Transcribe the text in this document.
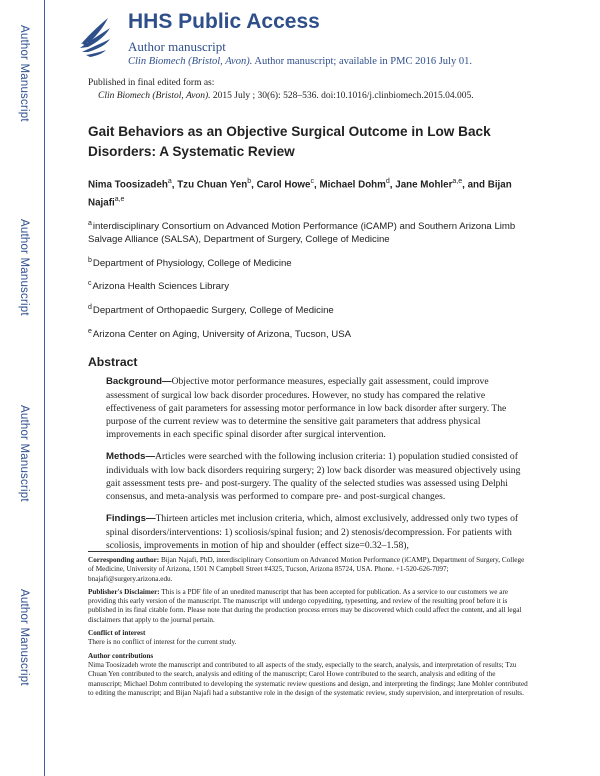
Author Manuscript
Author Manuscript
Author Manuscript
Author Manuscript
HHS Public Access
Author manuscript
Clin Biomech (Bristol, Avon). Author manuscript; available in PMC 2016 July 01.
Published in final edited form as:
Clin Biomech (Bristol, Avon). 2015 July ; 30(6): 528–536. doi:10.1016/j.clinbiomech.2015.04.005.
Gait Behaviors as an Objective Surgical Outcome in Low Back Disorders: A Systematic Review
Nima Toosizadeh$^a$, Tzu Chuan Yen$^b$, Carol Howe$^c$, Michael Dohm$^d$, Jane Mohler$^{a,e}$, and Bijan Najafi$^{a,e}$
$^a$interdisciplinary Consortium on Advanced Motion Performance (iCAMP) and Southern Arizona Limb Salvage Alliance (SALSA), Department of Surgery, College of Medicine
$^b$Department of Physiology, College of Medicine
$^c$Arizona Health Sciences Library
$^d$Department of Orthopaedic Surgery, College of Medicine
$^e$Arizona Center on Aging, University of Arizona, Tucson, USA
Abstract

Background—Objective motor performance measures, especially gait assessment, could improve assessment of surgical low back disorder procedures. However, no study has compared the relative effectiveness of gait parameters for assessing motor performance in low back disorder after surgery. The purpose of the current review was to determine the sensitive gait parameters that address physical improvements in each specific spinal disorder after surgical intervention.

Methods—Articles were searched with the following inclusion criteria: 1) population studied consisted of individuals with low back disorders requiring surgery; 2) low back disorder was measured objectively using gait assessment tests pre- and post-surgery. The quality of the selected studies was assessed using Delphi consensus, and meta-analysis was performed to compare pre- and post-surgical changes.

Findings—Thirteen articles met inclusion criteria, which, almost exclusively, addressed only two types of spinal disorders/interventions: 1) scoliosis/spinal fusion; and 2) stenosis/decompression. For patients with scoliosis, improvements in motion of hip and shoulder (effect size=0.32–1.58),

Corresponding author: Bijan Najafi, PhD, interdisciplinary Consortium on Advanced Motion Performance (iCAMP), Department of Surgery, College of Medicine, University of Arizona, 1501 N Campbell Street #4325, Tucson, Arizona 85724, USA. Phone. +1-520-626-7097; bnajafi@surgery.arizona.edu.

Publisher's Disclaimer: This is a PDF file of an unedited manuscript that has been accepted for publication. As a service to our customers we are providing this early version of the manuscript. The manuscript will undergo copyediting, typesetting, and review of the resulting proof before it is published in its final citable form. Please note that during the production process errors may be discovered which could affect the content, and all legal disclaimers that apply to the journal pertain.

Conflict of interest

There is no conflict of interest for the current study.

Author contributions

Nima Toosizadeh wrote the manuscript and contributed to all aspects of the study, especially to the search, analysis, and interpretation of results; Tzu Chuan Yen contributed to the search, analysis and editing of the manuscript; Carol Howe contributed to the search, analysis and editing of the manuscript; Michael Dohm contributed to developing the systematic review questions and design, and interpreting the findings; Jane Mohler contributed to editing the manuscript; and Bijan Najafi had a substantive role in the design of the systematic review, study supervision, and interpretation of results.
